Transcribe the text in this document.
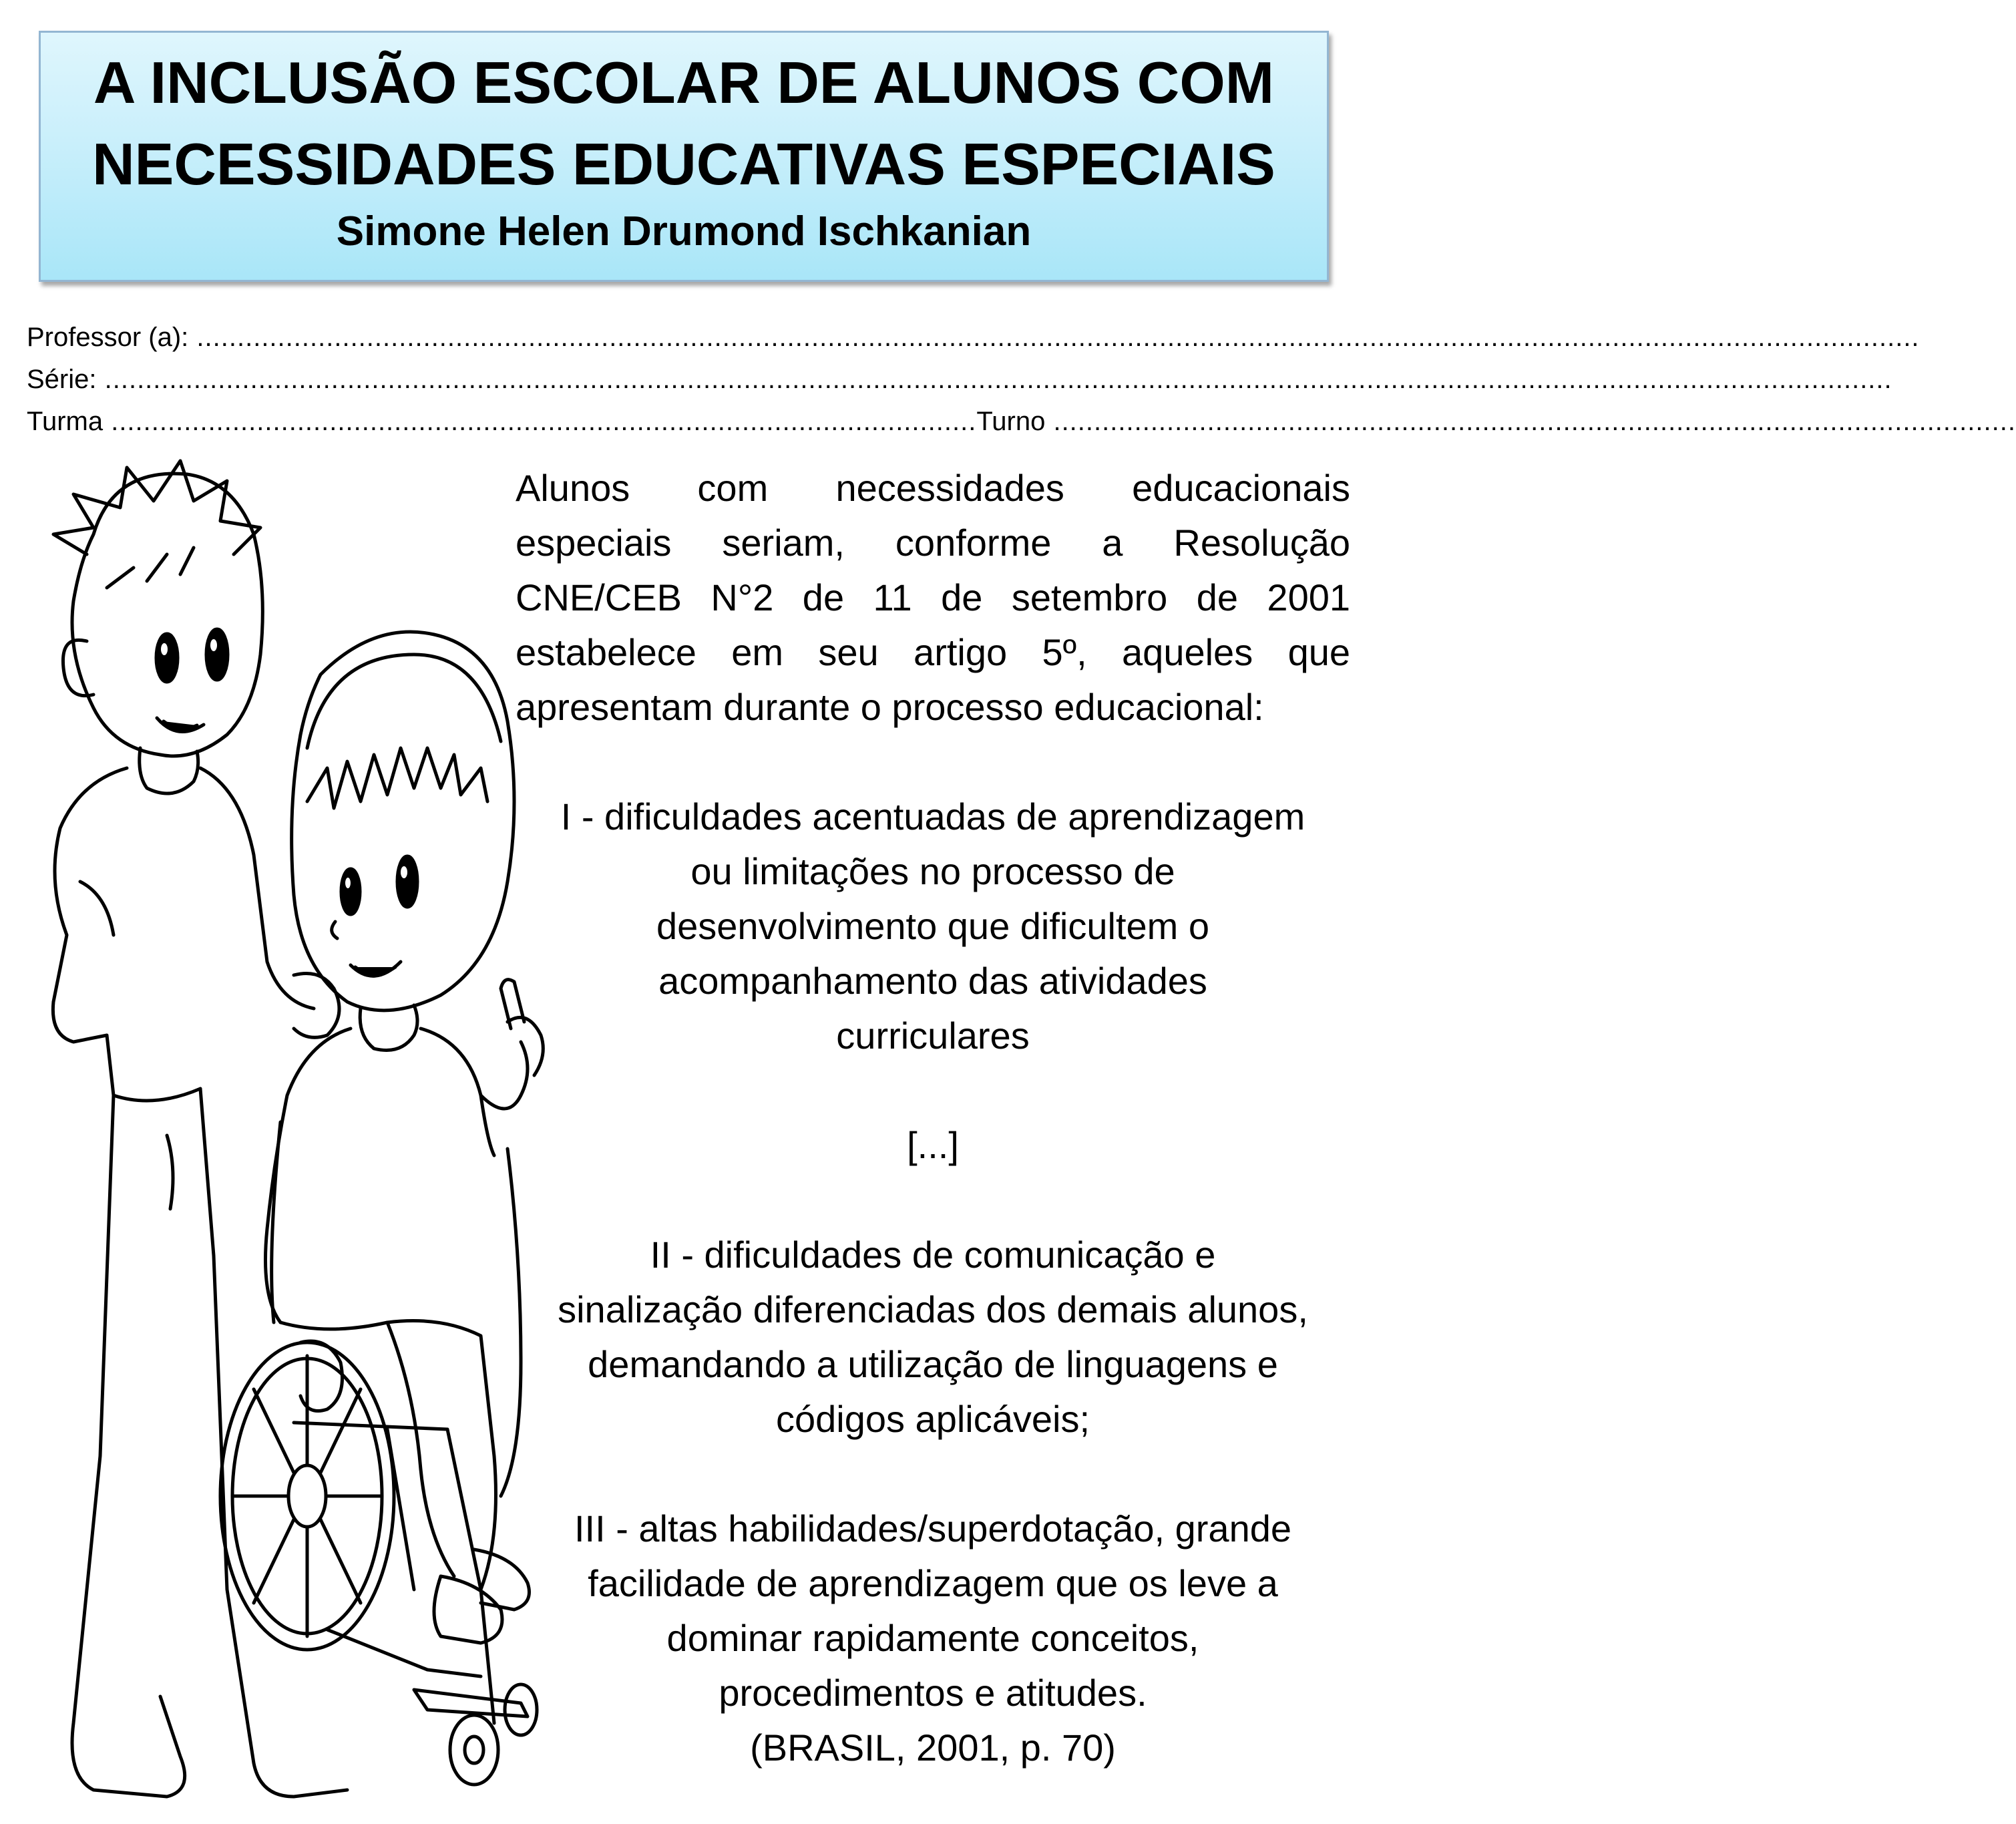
A INCLUSÃO ESCOLAR DE ALUNOS COM
NECESSIDADES EDUCATIVAS ESPECIAIS
Simone Helen Drumond Ischkanian
Professor (a): .....................................................................................................................................................................................................................
Série: .............................................................................................................................................................................................................................
Turma ........................................................................................................... Turno .......................................................................................................................
Alunos com necessidades educacionais
especiais seriam, conforme a Resolução
CNE/CEB N°2 de 11 de setembro de 2001
estabelece em seu artigo 5º, aqueles que
apresentam durante o processo educacional:
I - dificuldades acentuadas de aprendizagem
ou limitações no processo de
desenvolvimento que dificultem o
acompanhamento das atividades
curriculares
[...]
II - dificuldades de comunicação e
sinalização diferenciadas dos demais alunos,
demandando a utilização de linguagens e
códigos aplicáveis;
III - altas habilidades/superdotação, grande
facilidade de aprendizagem que os leve a
dominar rapidamente conceitos,
procedimentos e atitudes.
(BRASIL, 2001, p. 70)
